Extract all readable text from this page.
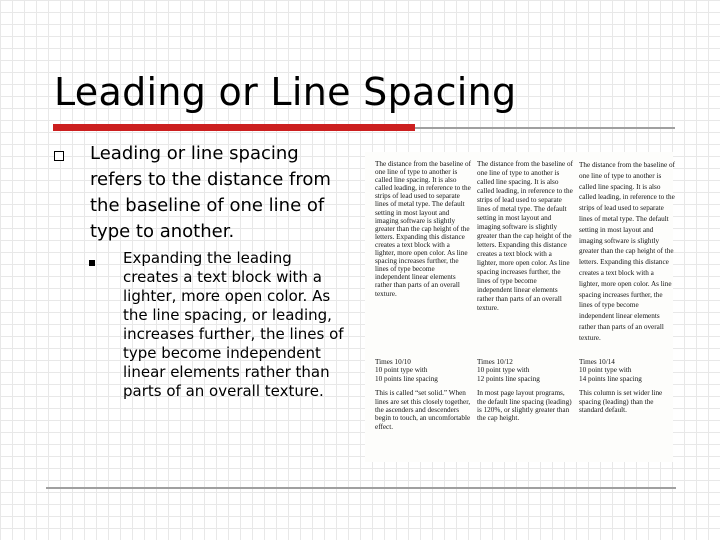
Leading or Line Spacing
Leading or line spacing refers to the distance from the baseline of one line of type to another.
Expanding the leading creates a text block with a lighter, more open color. As the line spacing, or leading, increases further, the lines of type become independent linear elements rather than parts of an overall texture.

The distance from the baseline of one line of type to another is called line spacing. It is also called leading, in reference to the strips of lead used to separate lines of metal type. The default setting in most layout and imaging software is slightly greater than the cap height of the letters. Expanding this distance creates a text block with a lighter, more open color. As line spacing increases further, the lines of type become independent linear elements rather than parts of an overall texture.

The distance from the baseline of one line of type to another is called line spacing. It is also called leading, in reference to the strips of lead used to separate lines of metal type. The default setting in most layout and imaging software is slightly greater than the cap height of the letters. Expanding this distance creates a text block with a lighter, more open color. As line spacing increases further, the lines of type become independent linear elements rather than parts of an overall texture.

The distance from the baseline of one line of type to another is called line spacing. It is also called leading, in reference to the strips of lead used to separate lines of metal type. The default setting in most layout and imaging software is slightly greater than the cap height of the letters. Expanding this distance creates a text block with a lighter, more open color. As line spacing increases further, the lines of type become independent linear elements rather than parts of an overall texture.

Times 10/10

10 point type with

10 points line spacing

This is called “set solid.” When lines are set this closely together, the ascenders and descenders begin to touch, an uncomfortable effect.

Times 10/12

10 point type with

12 points line spacing

In most page layout programs, the default line spacing (leading) is 120%, or slightly greater than the cap height.

Times 10/14

10 point type with

14 points line spacing

This column is set wider line spacing (leading) than the standard default.
